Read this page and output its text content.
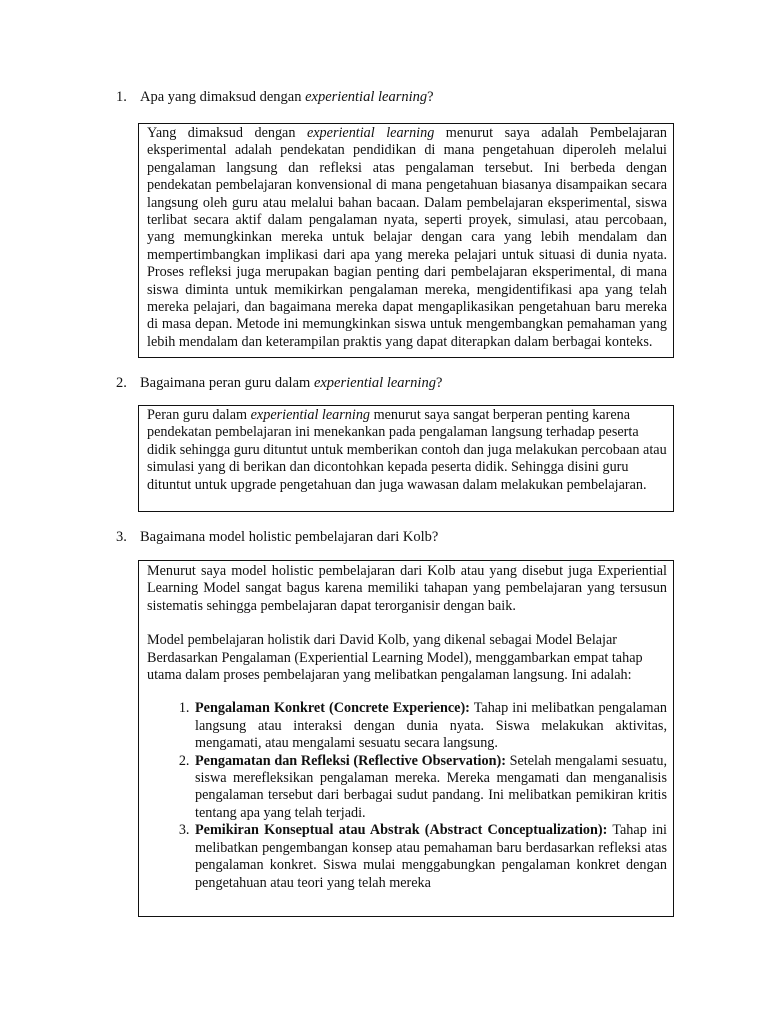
1. Apa yang dimaksud dengan experiential learning?

Yang dimaksud dengan experiential learning menurut saya adalah Pembelajaran eksperimental adalah pendekatan pendidikan di mana pengetahuan diperoleh melalui pengalaman langsung dan refleksi atas pengalaman tersebut. Ini berbeda dengan pendekatan pembelajaran konvensional di mana pengetahuan biasanya disampaikan secara langsung oleh guru atau melalui bahan bacaan. Dalam pembelajaran eksperimental, siswa terlibat secara aktif dalam pengalaman nyata, seperti proyek, simulasi, atau percobaan, yang memungkinkan mereka untuk belajar dengan cara yang lebih mendalam dan mempertimbangkan implikasi dari apa yang mereka pelajari untuk situasi di dunia nyata. Proses refleksi juga merupakan bagian penting dari pembelajaran eksperimental, di mana siswa diminta untuk memikirkan pengalaman mereka, mengidentifikasi apa yang telah mereka pelajari, dan bagaimana mereka dapat mengaplikasikan pengetahuan baru mereka di masa depan. Metode ini memungkinkan siswa untuk mengembangkan pemahaman yang lebih mendalam dan keterampilan praktis yang dapat diterapkan dalam berbagai konteks.

2. Bagaimana peran guru dalam experiential learning?

Peran guru dalam experiential learning menurut saya sangat berperan penting karena pendekatan pembelajaran ini menekankan pada pengalaman langsung terhadap peserta didik sehingga guru dituntut untuk memberikan contoh dan juga melakukan percobaan atau simulasi yang di berikan dan dicontohkan kepada peserta didik. Sehingga disini guru dituntut untuk upgrade pengetahuan dan juga wawasan dalam melakukan pembelajaran.

3. Bagaimana model holistic pembelajaran dari Kolb?

Menurut saya model holistic pembelajaran dari Kolb atau yang disebut juga Experiential Learning Model sangat bagus karena memiliki tahapan yang pembelajaran yang tersusun sistematis sehingga pembelajaran dapat terorganisir dengan baik.

Model pembelajaran holistik dari David Kolb, yang dikenal sebagai Model Belajar Berdasarkan Pengalaman (Experiential Learning Model), menggambarkan empat tahap utama dalam proses pembelajaran yang melibatkan pengalaman langsung. Ini adalah:

1. Pengalaman Konkret (Concrete Experience): Tahap ini melibatkan pengalaman langsung atau interaksi dengan dunia nyata. Siswa melakukan aktivitas, mengamati, atau mengalami sesuatu secara langsung.
2. Pengamatan dan Refleksi (Reflective Observation): Setelah mengalami sesuatu, siswa merefleksikan pengalaman mereka. Mereka mengamati dan menganalisis pengalaman tersebut dari berbagai sudut pandang. Ini melibatkan pemikiran kritis tentang apa yang telah terjadi.
3. Pemikiran Konseptual atau Abstrak (Abstract Conceptualization): Tahap ini melibatkan pengembangan konsep atau pemahaman baru berdasarkan refleksi atas pengalaman konkret. Siswa mulai menggabungkan pengalaman konkret dengan pengetahuan atau teori yang telah mereka
